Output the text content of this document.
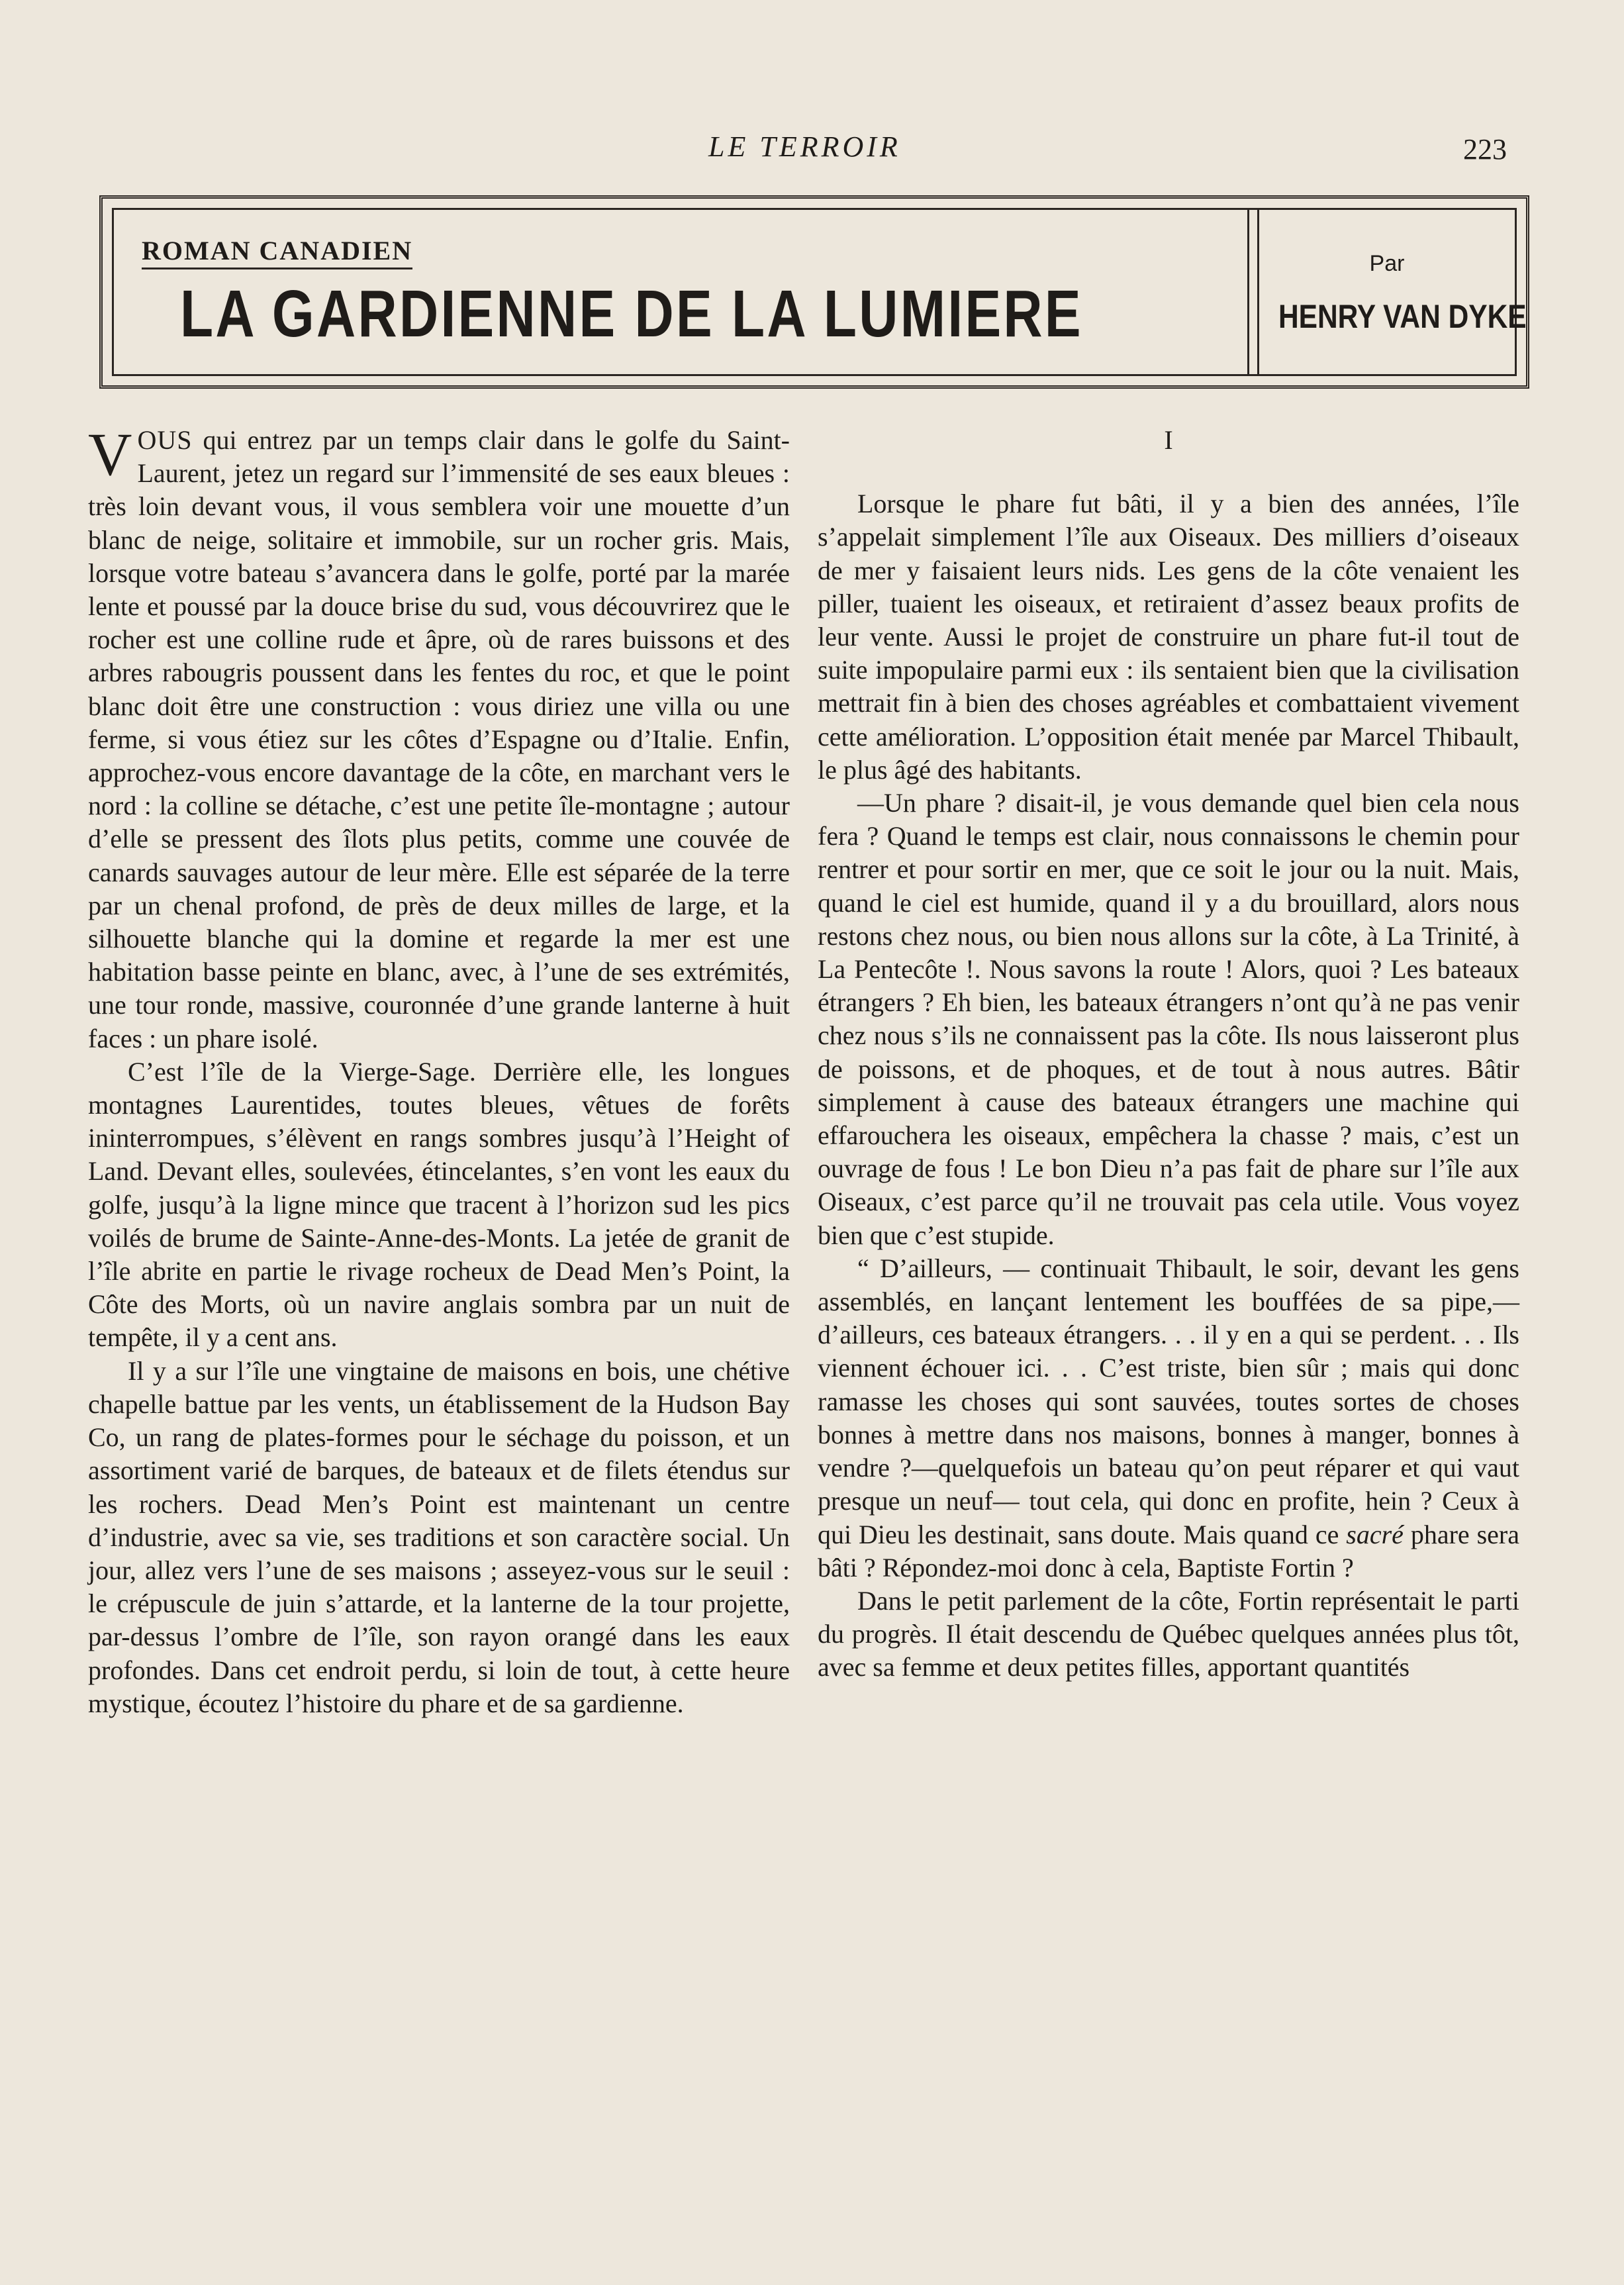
LE TERROIR	223
ROMAN CANADIEN
LA GARDIENNE DE LA LUMIERE
Par
HENRY VAN DYKE

VOUS qui entrez par un temps clair dans le golfe du Saint-Laurent, jetez un regard sur l’immensité de ses eaux bleues : très loin devant vous, il vous semblera voir une mouette d’un blanc de neige, solitaire et immobile, sur un rocher gris. Mais, lorsque votre bateau s’avancera dans le golfe, porté par la marée lente et poussé par la douce brise du sud, vous découvrirez que le rocher est une colline rude et âpre, où de rares buissons et des arbres rabougris poussent dans les fentes du roc, et que le point blanc doit être une construction : vous diriez une villa ou une ferme, si vous étiez sur les côtes d’Espagne ou d’Italie. Enfin, approchez-vous encore davantage de la côte, en marchant vers le nord : la colline se détache, c’est une petite île-montagne ; autour d’elle se pressent des îlots plus petits, comme une couvée de canards sauvages autour de leur mère. Elle est séparée de la terre par un chenal profond, de près de deux milles de large, et la silhouette blanche qui la domine et regarde la mer est une habitation basse peinte en blanc, avec, à l’une de ses extrémités, une tour ronde, massive, couronnée d’une grande lanterne à huit faces : un phare isolé.

C’est l’île de la Vierge-Sage. Derrière elle, les longues montagnes Laurentides, toutes bleues, vêtues de forêts ininterrompues, s’élèvent en rangs sombres jusqu’à l’Height of Land. Devant elles, soulevées, étincelantes, s’en vont les eaux du golfe, jusqu’à la ligne mince que tracent à l’horizon sud les pics voilés de brume de Sainte-Anne-des-Monts. La jetée de granit de l’île abrite en partie le rivage rocheux de Dead Men’s Point, la Côte des Morts, où un navire anglais sombra par un nuit de tempête, il y a cent ans.

Il y a sur l’île une vingtaine de maisons en bois, une chétive chapelle battue par les vents, un établissement de la Hudson Bay Co, un rang de plates-formes pour le séchage du poisson, et un assortiment varié de barques, de bateaux et de filets étendus sur les rochers. Dead Men’s Point est maintenant un centre d’industrie, avec sa vie, ses traditions et son caractère social. Un jour, allez vers l’une de ses maisons ; asseyez-vous sur le seuil : le crépuscule de juin s’attarde, et la lanterne de la tour projette, par-dessus l’ombre de l’île, son rayon orangé dans les eaux profondes. Dans cet endroit perdu, si loin de tout, à cette heure mystique, écoutez l’histoire du phare et de sa gardienne.

I

Lorsque le phare fut bâti, il y a bien des années, l’île s’appelait simplement l’île aux Oiseaux. Des milliers d’oiseaux de mer y faisaient leurs nids. Les gens de la côte venaient les piller, tuaient les oiseaux, et retiraient d’assez beaux profits de leur vente. Aussi le projet de construire un phare fut-il tout de suite impopulaire parmi eux : ils sentaient bien que la civilisation mettrait fin à bien des choses agréables et combattaient vivement cette amélioration. L’opposition était menée par Marcel Thibault, le plus âgé des habitants.

—Un phare ? disait-il, je vous demande quel bien cela nous fera ? Quand le temps est clair, nous connaissons le chemin pour rentrer et pour sortir en mer, que ce soit le jour ou la nuit. Mais, quand le ciel est humide, quand il y a du brouillard, alors nous restons chez nous, ou bien nous allons sur la côte, à La Trinité, à La Pentecôte !. Nous savons la route ! Alors, quoi ? Les bateaux étrangers ? Eh bien, les bateaux étrangers n’ont qu’à ne pas venir chez nous s’ils ne connaissent pas la côte. Ils nous laisseront plus de poissons, et de phoques, et de tout à nous autres. Bâtir simplement à cause des bateaux étrangers une machine qui effarouchera les oiseaux, empêchera la chasse ? mais, c’est un ouvrage de fous ! Le bon Dieu n’a pas fait de phare sur l’île aux Oiseaux, c’est parce qu’il ne trouvait pas cela utile. Vous voyez bien que c’est stupide.

“ D’ailleurs, — continuait Thibault, le soir, devant les gens assemblés, en lançant lentement les bouffées de sa pipe,—d’ailleurs, ces bateaux étrangers. . . il y en a qui se perdent. . . Ils viennent échouer ici. . . C’est triste, bien sûr ; mais qui donc ramasse les choses qui sont sauvées, toutes sortes de choses bonnes à mettre dans nos maisons, bonnes à manger, bonnes à vendre ?—quelquefois un bateau qu’on peut réparer et qui vaut presque un neuf— tout cela, qui donc en profite, hein ? Ceux à qui Dieu les destinait, sans doute. Mais quand ce sacré phare sera bâti ? Répondez-moi donc à cela, Baptiste Fortin ?

Dans le petit parlement de la côte, Fortin représentait le parti du progrès. Il était descendu de Québec quelques années plus tôt, avec sa femme et deux petites filles, apportant quantités
